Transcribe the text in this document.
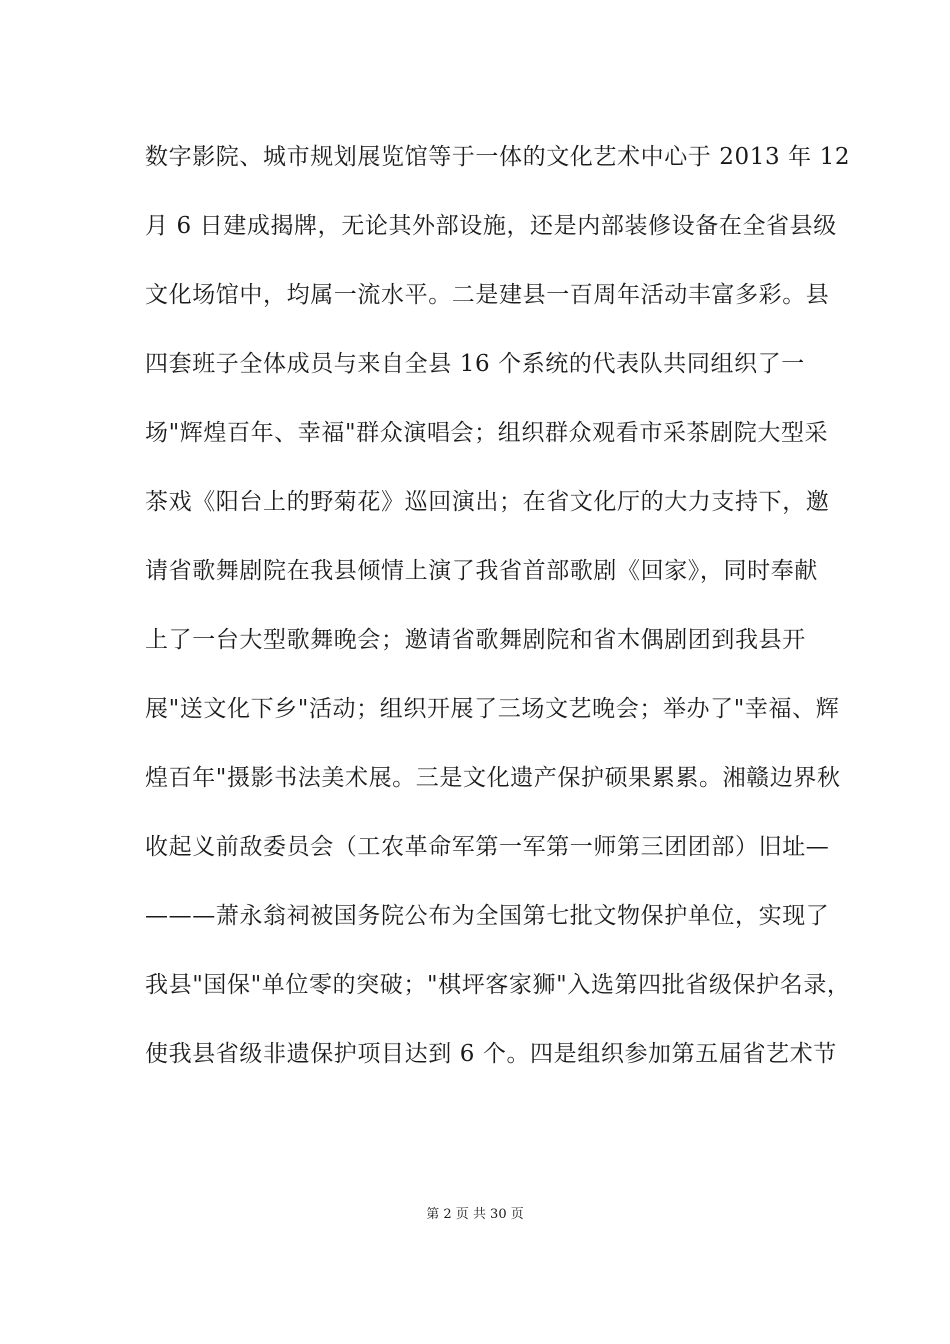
数字影院、城市规划展览馆等于一体的文化艺术中心于 2013 年 12
月 6 日建成揭牌，无论其外部设施，还是内部装修设备在全省县级
文化场馆中，均属一流水平。二是建县一百周年活动丰富多彩。县
四套班子全体成员与来自全县 16 个系统的代表队共同组织了一
场"辉煌百年、幸福"群众演唱会；组织群众观看市采茶剧院大型采
茶戏《阳台上的野菊花》巡回演出；在省文化厅的大力支持下，邀
请省歌舞剧院在我县倾情上演了我省首部歌剧《回家》，同时奉献
上了一台大型歌舞晚会；邀请省歌舞剧院和省木偶剧团到我县开
展"送文化下乡"活动；组织开展了三场文艺晚会；举办了"幸福、辉
煌百年"摄影书法美术展。三是文化遗产保护硕果累累。湘赣边界秋
收起义前敌委员会（工农革命军第一军第一师第三团团部）旧址—
———萧永翁祠被国务院公布为全国第七批文物保护单位，实现了
我县"国保"单位零的突破；"棋坪客家狮"入选第四批省级保护名录，
使我县省级非遗保护项目达到 6 个。四是组织参加第五届省艺术节
第 2 页 共 30 页
